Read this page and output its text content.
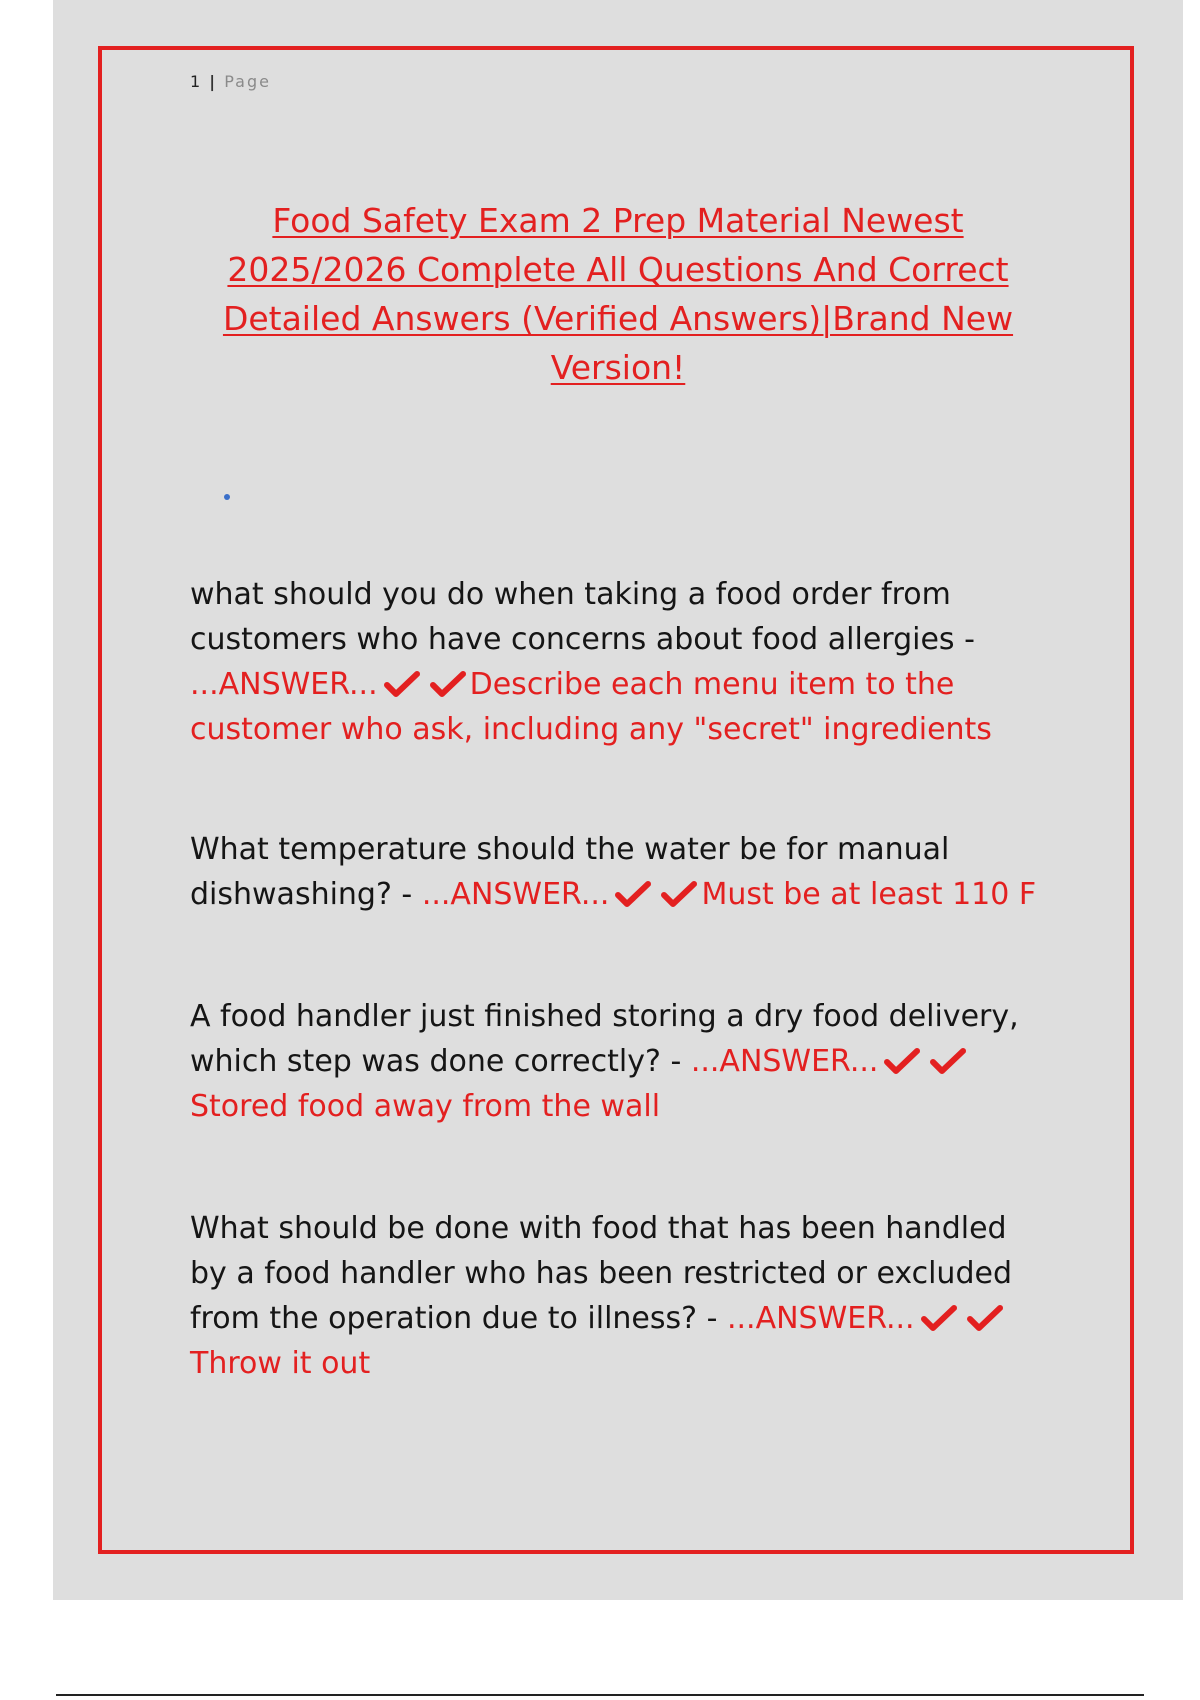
1 | Page
Food Safety Exam 2 Prep Material Newest 2025/2026 Complete All Questions And Correct Detailed Answers (Verified Answers)|Brand New Version!

what should you do when taking a food order from customers who have concerns about food allergies - ...ANSWER...	Describe each menu item to the customer who ask, including any "secret" ingredients

What temperature should the water be for manual dishwashing? - ...ANSWER...	Must be at least 110 F

A food handler just finished storing a dry food delivery, which step was done correctly? - ...ANSWER...
Stored food away from the wall

What should be done with food that has been handled by a food handler who has been restricted or excluded from the operation due to illness? - ...ANSWER...
Throw it out
